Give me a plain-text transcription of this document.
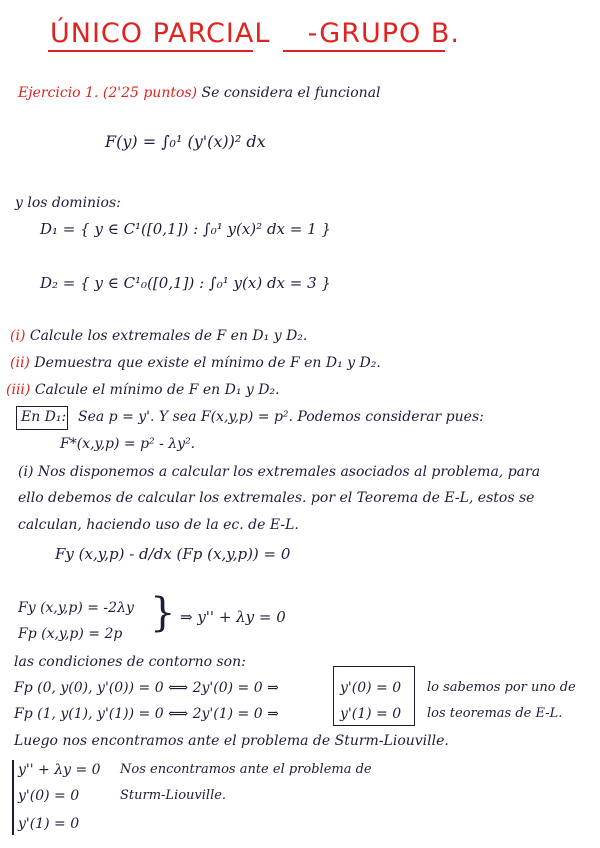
ÚNICO PARCIAL -GRUPO B.
Ejercicio 1. (2'25 puntos) Se considera el funcional
F(y) = ∫₀¹ (y'(x))² dx
y los dominios:
D₁ = { y ∈ C¹([0,1]) : ∫₀¹ y(x)² dx = 1 }
D₂ = { y ∈ C¹₀([0,1]) : ∫₀¹ y(x) dx = 3 }
(i) Calcule los extremales de F en D₁ y D₂.
(ii) Demuestra que existe el mínimo de F en D₁ y D₂.
(iii) Calcule el mínimo de F en D₁ y D₂.
En D₁: Sea p = y'. Y sea F(x,y,p) = p². Podemos considerar pues:
F*(x,y,p) = p² - λy².
(i) Nos disponemos a calcular los extremales asociados al problema, para
ello debemos de calcular los extremales. por el Teorema de E-L, estos se
calculan, haciendo uso de la ec. de E-L.
Fy (x,y,p) - d/dx (Fp (x,y,p)) = 0
Fy (x,y,p) = -2λy
Fp (x,y,p) = 2p } ⇒ y'' + λy = 0
las condiciones de contorno son:
Fp (0, y(0), y'(0)) = 0 ⟺ 2y'(0) = 0 ⇒
Fp (1, y(1), y'(1)) = 0 ⟺ 2y'(1) = 0 ⇒
y'(0) = 0
y'(1) = 0
lo sabemos por uno de
los teoremas de E-L.
Luego nos encontramos ante el problema de Sturm-Liouville.
y'' + λy = 0
y'(0) = 0
y'(1) = 0
Nos encontramos ante el problema de
Sturm-Liouville.
